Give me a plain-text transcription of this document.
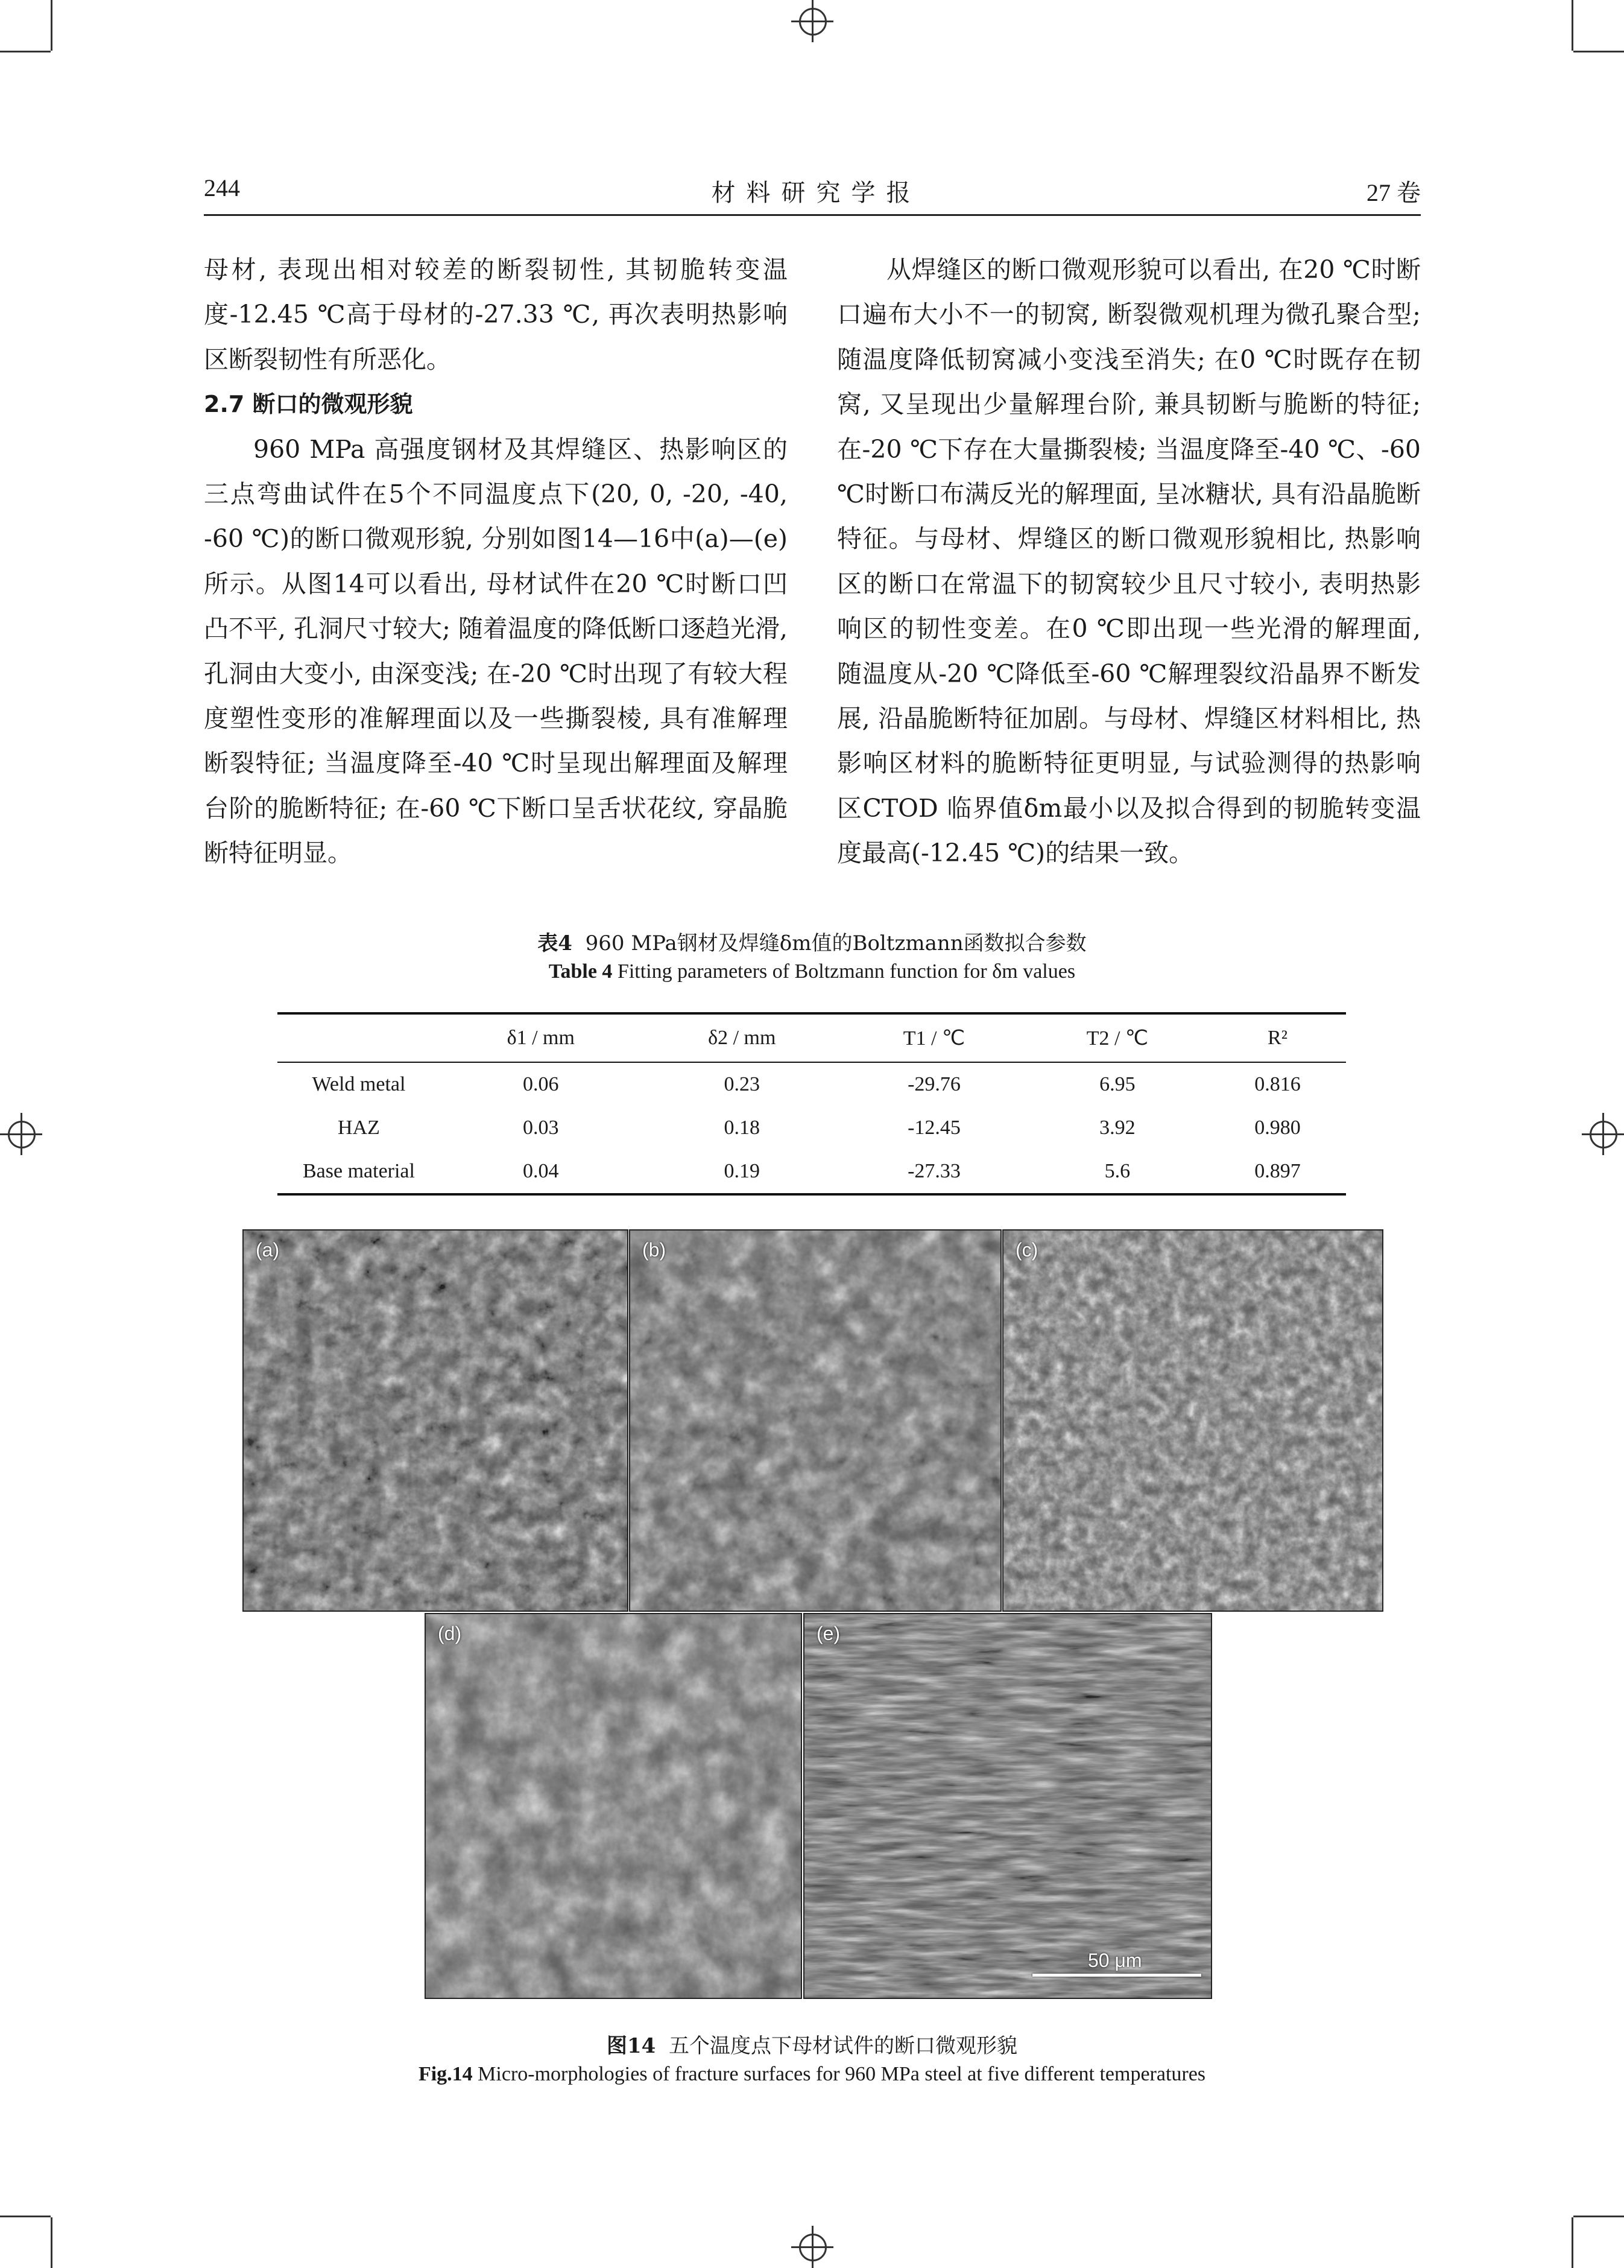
244	材 料 研 究 学 报	27 卷

母材, 表现出相对较差的断裂韧性, 其韧脆转变温度-12.45 ℃高于母材的-27.33 ℃, 再次表明热影响区断裂韧性有所恶化。

2.7 断口的微观形貌

960 MPa 高强度钢材及其焊缝区、热影响区的三点弯曲试件在5个不同温度点下(20, 0, -20, -40, -60 ℃)的断口微观形貌, 分别如图14—16中(a)—(e)所示。从图14可以看出, 母材试件在20 ℃时断口凹凸不平, 孔洞尺寸较大; 随着温度的降低断口逐趋光滑, 孔洞由大变小, 由深变浅; 在-20 ℃时出现了有较大程度塑性变形的准解理面以及一些撕裂棱, 具有准解理断裂特征; 当温度降至-40 ℃时呈现出解理面及解理台阶的脆断特征; 在-60 ℃下断口呈舌状花纹, 穿晶脆断特征明显。

从焊缝区的断口微观形貌可以看出, 在20 ℃时断口遍布大小不一的韧窝, 断裂微观机理为微孔聚合型; 随温度降低韧窝减小变浅至消失; 在0 ℃时既存在韧窝, 又呈现出少量解理台阶, 兼具韧断与脆断的特征; 在-20 ℃下存在大量撕裂棱; 当温度降至-40 ℃、-60 ℃时断口布满反光的解理面, 呈冰糖状, 具有沿晶脆断特征。与母材、焊缝区的断口微观形貌相比, 热影响区的断口在常温下的韧窝较少且尺寸较小, 表明热影响区的韧性变差。在0 ℃即出现一些光滑的解理面, 随温度从-20 ℃降低至-60 ℃解理裂纹沿晶界不断发展, 沿晶脆断特征加剧。与母材、焊缝区材料相比, 热影响区材料的脆断特征更明显, 与试验测得的热影响区CTOD 临界值δm最小以及拟合得到的韧脆转变温度最高(-12.45 ℃)的结果一致。

表4 960 MPa钢材及焊缝δm值的Boltzmann函数拟合参数
Table 4 Fitting parameters of Boltzmann function for δm values
	δ1 / mm	δ2 / mm	T1 / ℃	T2 / ℃	R²
Weld metal	0.06	0.23	-29.76	6.95	0.816
HAZ	0.03	0.18	-12.45	3.92	0.980
Base material	0.04	0.19	-27.33	5.6	0.897
(a)	(b)	(c)
(d)	(e)
50 μm
图14 五个温度点下母材试件的断口微观形貌
Fig.14 Micro-morphologies of fracture surfaces for 960 MPa steel at five different temperatures
